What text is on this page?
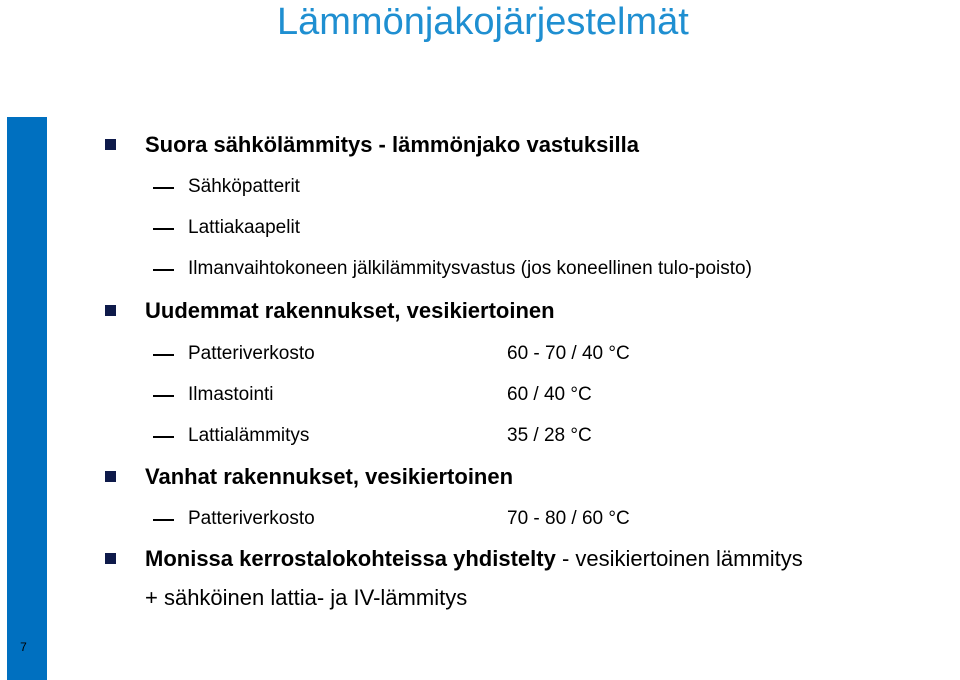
Lämmönjakojärjestelmät
7
Suora sähkölämmitys - lämmönjako vastuksilla
Sähköpatterit
Lattiakaapelit
Ilmanvaihtokoneen jälkilämmitysvastus (jos koneellinen tulo-poisto)
Uudemmat rakennukset, vesikiertoinen
Patteriverkosto	60 - 70 / 40 °C
Ilmastointi	60 / 40 °C
Lattialämmitys	35 / 28 °C
Vanhat rakennukset, vesikiertoinen
Patteriverkosto	70 - 80 / 60 °C
Monissa kerrostalokohteissa yhdistelty - vesikiertoinen lämmitys
+ sähköinen lattia- ja IV-lämmitys
